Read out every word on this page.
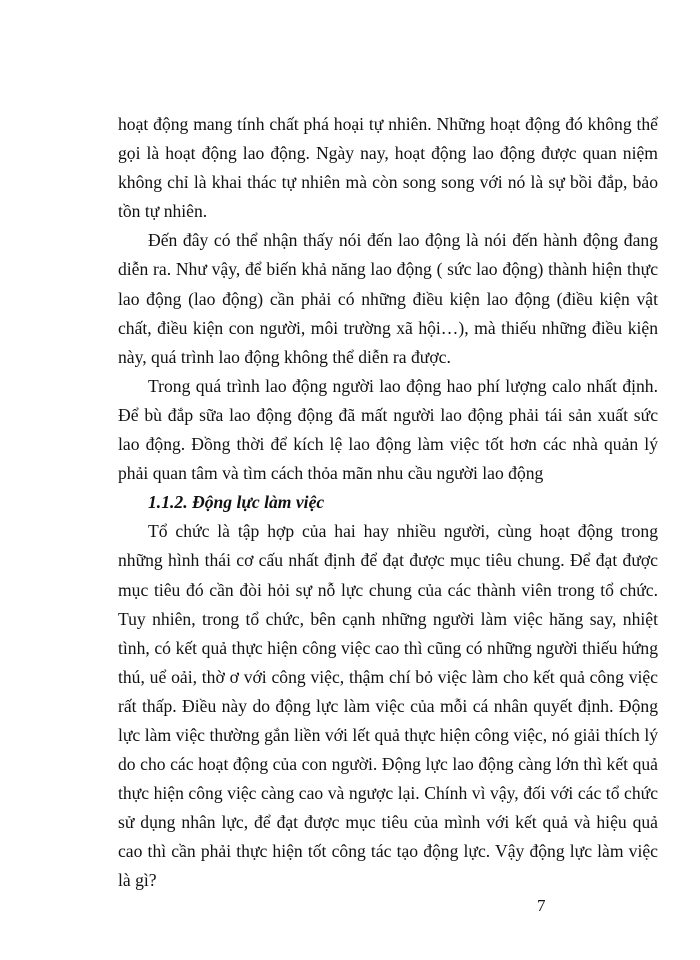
hoạt động mang tính chất phá hoại tự nhiên. Những hoạt động đó không thể gọi là hoạt động lao động. Ngày nay, hoạt động lao động được quan niệm không chỉ là khai thác tự nhiên mà còn song song với nó là sự bồi đắp, bảo tồn tự nhiên.

Đến đây có thể nhận thấy nói đến lao động là nói đến hành động đang diễn ra. Như vậy, để biến khả năng lao động ( sức lao động) thành hiện thực lao động (lao động) cần phải có những điều kiện lao động (điều kiện vật chất, điều kiện con người, môi trường xã hội…), mà thiếu những điều kiện này, quá trình lao động không thể diễn ra được.

Trong quá trình lao động người lao động hao phí lượng calo nhất định. Để bù đắp sữa lao động động đã mất người lao động phải tái sản xuất sức lao động. Đồng thời để kích lệ lao động làm việc tốt hơn các nhà quản lý phải quan tâm và tìm cách thỏa mãn nhu cầu người lao động

1.1.2. Động lực làm việc

Tổ chức là tập hợp của hai hay nhiều người, cùng hoạt động trong những hình thái cơ cấu nhất định để đạt được mục tiêu chung. Để đạt được mục tiêu đó cần đòi hỏi sự nỗ lực chung của các thành viên trong tổ chức. Tuy nhiên, trong tổ chức, bên cạnh những người làm việc hăng say, nhiệt tình, có kết quả thực hiện công việc cao thì cũng có những người thiếu hứng thú, uể oải, thờ ơ với công việc, thậm chí bỏ việc làm cho kết quả công việc rất thấp. Điều này do động lực làm việc của mỗi cá nhân quyết định. Động lực làm việc thường gắn liền với lết quả thực hiện công việc, nó giải thích lý do cho các hoạt động của con người. Động lực lao động càng lớn thì kết quả thực hiện công việc càng cao và ngược lại. Chính vì vậy, đối với các tổ chức sử dụng nhân lực, để đạt được mục tiêu của mình với kết quả và hiệu quả cao thì cần phải thực hiện tốt công tác tạo động lực. Vậy động lực làm việc là gì?

7
